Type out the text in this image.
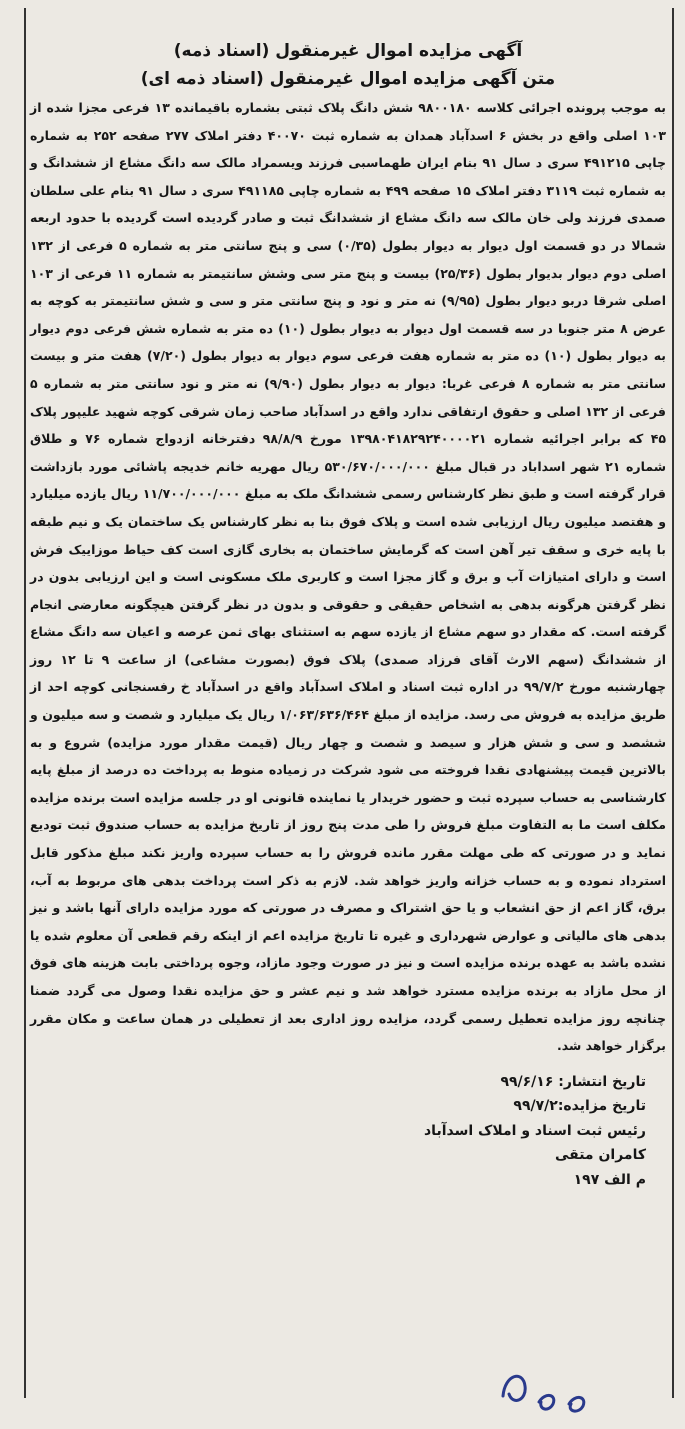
آگهی مزایده اموال غیرمنقول (اسناد ذمه)
متن آگهی مزایده اموال غیرمنقول (اسناد ذمه ای)

به موجب پرونده اجرائی کلاسه ۹۸۰۰۱۸۰ شش دانگ پلاک ثبتی بشماره باقیمانده ۱۳ فرعی مجزا شده از ۱۰۳ اصلی واقع در بخش ۶ اسدآباد همدان به شماره ثبت ۴۰۰۷۰ دفتر املاک ۲۷۷ صفحه ۲۵۲ به شماره چاپی ۴۹۱۲۱۵ سری د سال ۹۱ بنام ایران طهماسبی فرزند ویسمراد مالک سه دانگ مشاع از ششدانگ و به شماره ثبت ۳۱۱۹ دفتر املاک ۱۵ صفحه ۴۹۹ به شماره چاپی ۴۹۱۱۸۵ سری د سال ۹۱ بنام علی سلطان صمدی فرزند ولی خان مالک سه دانگ مشاع از ششدانگ ثبت و صادر گردیده است گردیده با حدود اربعه شمالا در دو قسمت اول دیوار به دیوار بطول (۰/۳۵) سی و پنج سانتی متر به شماره ۵ فرعی از ۱۳۲ اصلی دوم دیوار بدیوار بطول (۲۵/۳۶) بیست و پنج متر سی وشش سانتیمتر به شماره ۱۱ فرعی از ۱۰۳ اصلی شرقا دربو دیوار بطول (۹/۹۵) نه متر و نود و پنج سانتی متر و سی و شش سانتیمتر به کوچه به عرض ۸ متر جنوبا در سه قسمت اول دیوار به دیوار بطول (۱۰) ده متر به شماره شش فرعی دوم دیوار به دیوار بطول (۱۰) ده متر به شماره هفت فرعی سوم دیوار به دیوار بطول (۷/۲۰) هفت متر و بیست سانتی متر به شماره ۸ فرعی غربا: دیوار به دیوار بطول (۹/۹۰) نه متر و نود سانتی متر به شماره ۵ فرعی از ۱۳۲ اصلی و حقوق ارتفاقی ندارد واقع در اسدآباد صاحب زمان شرقی کوچه شهید علیپور پلاک ۴۵ که برابر اجرائیه شماره ۱۳۹۸۰۴۱۸۲۹۲۴۰۰۰۰۲۱ مورخ ۹۸/۸/۹ دفترخانه ازدواج شماره ۷۶ و طلاق شماره ۲۱ شهر اسداباد در قبال مبلغ ۵۳۰/۶۷۰/۰۰۰/۰۰۰ ریال مهریه خانم خدیجه پاشائی مورد بازداشت قرار گرفته است و طبق نظر کارشناس رسمی ششدانگ ملک به مبلغ ۱۱/۷۰۰/۰۰۰/۰۰۰ ریال یازده میلیارد و هفتصد میلیون ریال ارزیابی شده است و پلاک فوق بنا به نظر کارشناس یک ساختمان یک و نیم طبقه با پایه خری و سقف تیر آهن است که گرمایش ساختمان به بخاری گازی است کف حیاط موزاییک فرش است و دارای امتیازات آب و برق و گاز مجزا است و کاربری ملک مسکونی است و این ارزیابی بدون در نظر گرفتن هرگونه بدهی به اشخاص حقیقی و حقوقی و بدون در نظر گرفتن هیچگونه معارضی انجام گرفته است. که مقدار دو سهم مشاع از یازده سهم به استثنای بهای ثمن عرصه و اعیان سه دانگ مشاع از ششدانگ (سهم الارث آقای فرزاد صمدی) پلاک فوق (بصورت مشاعی) از ساعت ۹ تا ۱۲ روز چهارشنبه مورخ ۹۹/۷/۲ در اداره ثبت اسناد و املاک اسدآباد واقع در اسدآباد خ رفسنجانی کوچه احد از طریق مزایده به فروش می رسد. مزایده از مبلغ ۱/۰۶۳/۶۳۶/۴۶۴ ریال یک میلیارد و شصت و سه میلیون و ششصد و سی و شش هزار و سیصد و شصت و چهار ریال (قیمت مقدار مورد مزایده) شروع و به بالاترین قیمت پیشنهادی نقدا فروخته می شود شرکت در زمیاده منوط به پرداخت ده درصد از مبلغ پایه کارشناسی به حساب سپرده ثبت و حضور خریدار یا نماینده قانونی او در جلسه مزایده است برنده مزایده مکلف است ما به التفاوت مبلغ فروش را طی مدت پنج روز از تاریخ مزایده به حساب صندوق ثبت تودیع نماید و در صورتی که طی مهلت مقرر مانده فروش را به حساب سپرده واریز نکند مبلغ مذکور قابل استرداد نموده و به حساب خزانه واریز خواهد شد. لازم به ذکر است پرداخت بدهی های مربوط به آب، برق، گاز اعم از حق انشعاب و یا حق اشتراک و مصرف در صورتی که مورد مزایده دارای آنها باشد و نیز بدهی های مالیاتی و عوارض شهرداری و غیره تا تاریخ مزایده اعم از اینکه رقم قطعی آن معلوم شده یا نشده باشد به عهده برنده مزایده است و نیز در صورت وجود مازاد، وجوه پرداختی بابت هزینه های فوق از محل مازاد به برنده مزایده مسترد خواهد شد و نیم عشر و حق مزایده نقدا وصول می گردد ضمنا چنانچه روز مزایده تعطیل رسمی گردد، مزایده روز اداری بعد از تعطیلی در همان ساعت و مکان مقرر برگزار خواهد شد.

تاریخ انتشار: ۹۹/۶/۱۶
تاریخ مزایده:۹۹/۷/۲
رئیس ثبت اسناد و املاک اسدآباد
کامران متقی
م الف ۱۹۷
